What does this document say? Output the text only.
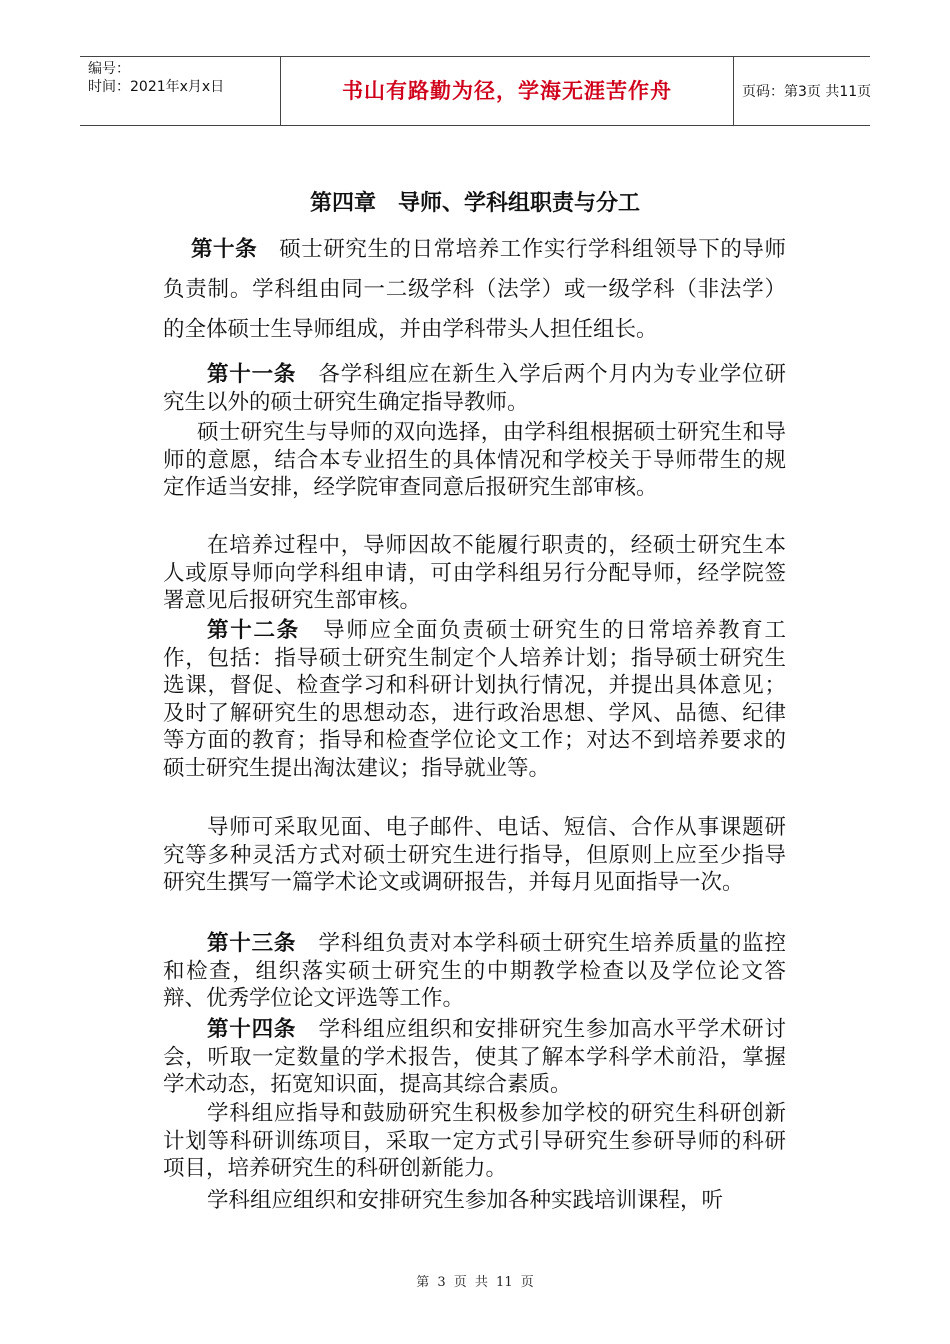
编号：
时间：2021年x月x日	书山有路勤为径，学海无涯苦作舟	页码：第3页 共11页
第四章　导师、学科组职责与分工

第十条　硕士研究生的日常培养工作实行学科组领导下的导师负责制。学科组由同一二级学科（法学）或一级学科（非法学）的全体硕士生导师组成，并由学科带头人担任组长。

第十一条　各学科组应在新生入学后两个月内为专业学位研究生以外的硕士研究生确定指导教师。

硕士研究生与导师的双向选择，由学科组根据硕士研究生和导师的意愿，结合本专业招生的具体情况和学校关于导师带生的规定作适当安排，经学院审查同意后报研究生部审核。

在培养过程中，导师因故不能履行职责的，经硕士研究生本人或原导师向学科组申请，可由学科组另行分配导师，经学院签署意见后报研究生部审核。

第十二条　导师应全面负责硕士研究生的日常培养教育工作，包括：指导硕士研究生制定个人培养计划；指导硕士研究生选课，督促、检查学习和科研计划执行情况，并提出具体意见；及时了解研究生的思想动态，进行政治思想、学风、品德、纪律等方面的教育；指导和检查学位论文工作；对达不到培养要求的硕士研究生提出淘汰建议；指导就业等。

导师可采取见面、电子邮件、电话、短信、合作从事课题研究等多种灵活方式对硕士研究生进行指导，但原则上应至少指导研究生撰写一篇学术论文或调研报告，并每月见面指导一次。

第十三条　学科组负责对本学科硕士研究生培养质量的监控和检查，组织落实硕士研究生的中期教学检查以及学位论文答辩、优秀学位论文评选等工作。

第十四条　学科组应组织和安排研究生参加高水平学术研讨会，听取一定数量的学术报告，使其了解本学科学术前沿，掌握学术动态，拓宽知识面，提高其综合素质。

学科组应指导和鼓励研究生积极参加学校的研究生科研创新计划等科研训练项目，采取一定方式引导研究生参研导师的科研项目，培养研究生的科研创新能力。

学科组应组织和安排研究生参加各种实践培训课程，听

第 3 页 共 11 页
